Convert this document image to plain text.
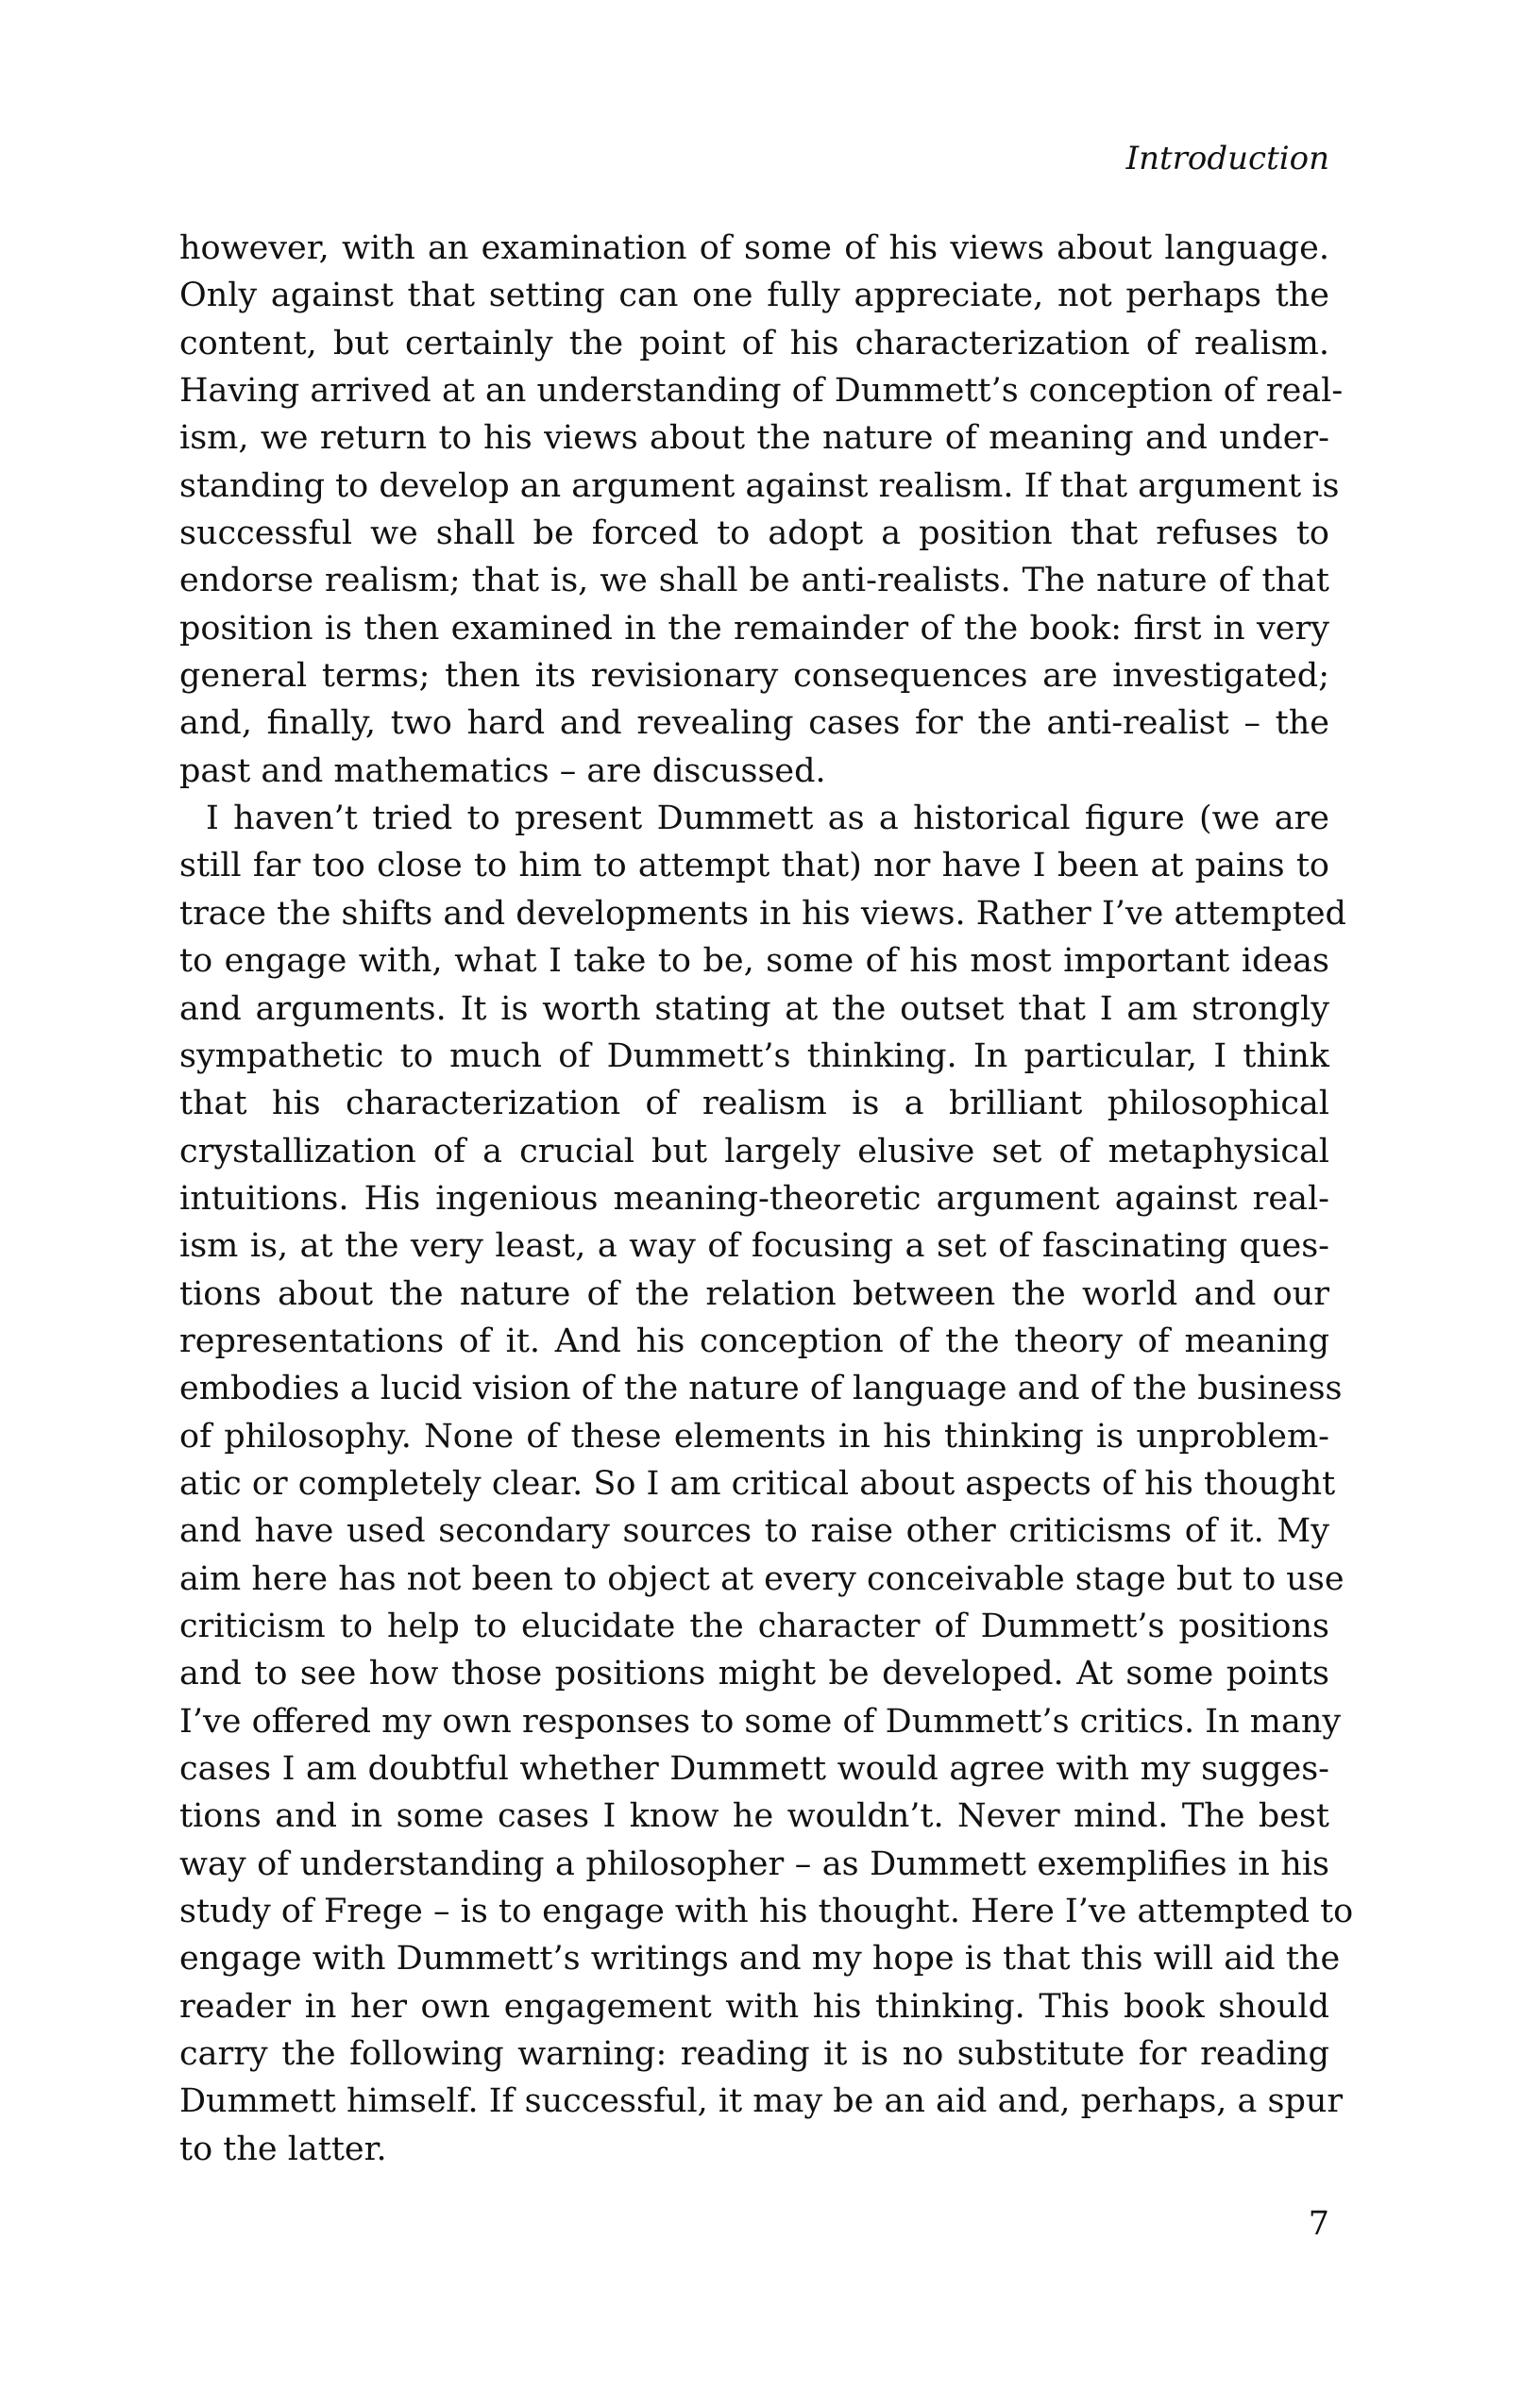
Introduction
however, with an examination of some of his views about language.
Only against that setting can one fully appreciate, not perhaps the
content, but certainly the point of his characterization of realism.
Having arrived at an understanding of Dummett’s conception of real-
ism, we return to his views about the nature of meaning and under-
standing to develop an argument against realism. If that argument is
successful we shall be forced to adopt a position that refuses to
endorse realism; that is, we shall be anti-realists. The nature of that
position is then examined in the remainder of the book: first in very
general terms; then its revisionary consequences are investigated;
and, finally, two hard and revealing cases for the anti-realist – the
past and mathematics – are discussed.
I haven’t tried to present Dummett as a historical figure (we are
still far too close to him to attempt that) nor have I been at pains to
trace the shifts and developments in his views. Rather I’ve attempted
to engage with, what I take to be, some of his most important ideas
and arguments. It is worth stating at the outset that I am strongly
sympathetic to much of Dummett’s thinking. In particular, I think
that his characterization of realism is a brilliant philosophical
crystallization of a crucial but largely elusive set of metaphysical
intuitions. His ingenious meaning-theoretic argument against real-
ism is, at the very least, a way of focusing a set of fascinating ques-
tions about the nature of the relation between the world and our
representations of it. And his conception of the theory of meaning
embodies a lucid vision of the nature of language and of the business
of philosophy. None of these elements in his thinking is unproblem-
atic or completely clear. So I am critical about aspects of his thought
and have used secondary sources to raise other criticisms of it. My
aim here has not been to object at every conceivable stage but to use
criticism to help to elucidate the character of Dummett’s positions
and to see how those positions might be developed. At some points
I’ve offered my own responses to some of Dummett’s critics. In many
cases I am doubtful whether Dummett would agree with my sugges-
tions and in some cases I know he wouldn’t. Never mind. The best
way of understanding a philosopher – as Dummett exemplifies in his
study of Frege – is to engage with his thought. Here I’ve attempted to
engage with Dummett’s writings and my hope is that this will aid the
reader in her own engagement with his thinking. This book should
carry the following warning: reading it is no substitute for reading
Dummett himself. If successful, it may be an aid and, perhaps, a spur
to the latter.
7
